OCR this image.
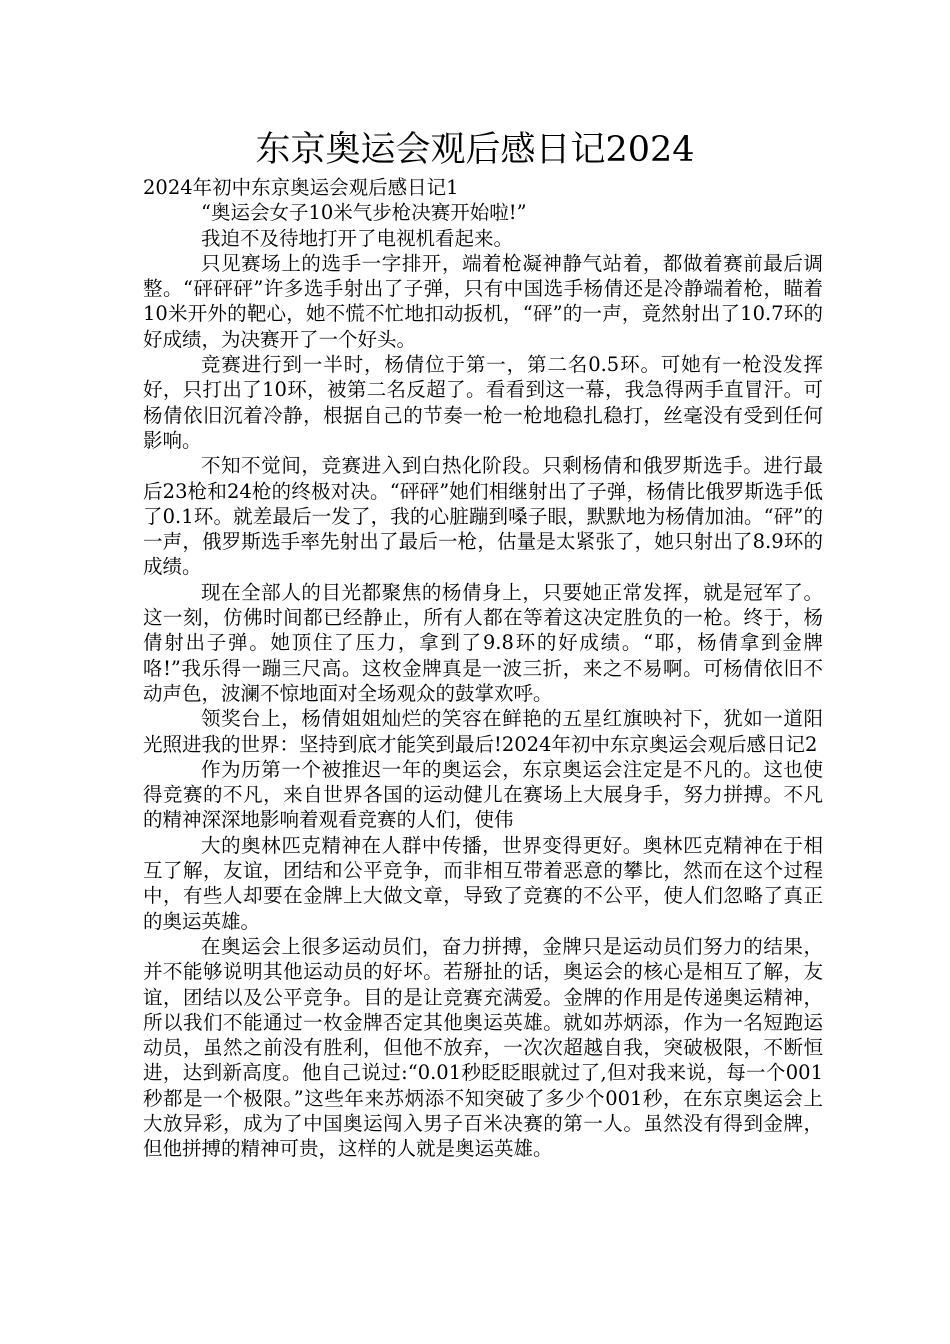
东京奥运会观后感日记2024

2024年初中东京奥运会观后感日记1

“奥运会女子10米气步枪决赛开始啦!”

我迫不及待地打开了电视机看起来。

只见赛场上的选手一字排开，端着枪凝神静气站着，都做着赛前最后调整。“砰砰砰”许多选手射出了子弹，只有中国选手杨倩还是冷静端着枪，瞄着10米开外的靶心，她不慌不忙地扣动扳机，“砰”的一声，竟然射出了10.7环的好成绩，为决赛开了一个好头。

竞赛进行到一半时，杨倩位于第一，第二名0.5环。可她有一枪没发挥好，只打出了10环，被第二名反超了。看看到这一幕，我急得两手直冒汗。可杨倩依旧沉着冷静，根据自己的节奏一枪一枪地稳扎稳打，丝毫没有受到任何影响。

不知不觉间，竞赛进入到白热化阶段。只剩杨倩和俄罗斯选手。进行最后23枪和24枪的终极对决。“砰砰”她们相继射出了子弹，杨倩比俄罗斯选手低了0.1环。就差最后一发了，我的心脏蹦到嗓子眼，默默地为杨倩加油。“砰”的一声，俄罗斯选手率先射出了最后一枪，估量是太紧张了，她只射出了8.9环的成绩。

现在全部人的目光都聚焦的杨倩身上，只要她正常发挥，就是冠军了。这一刻，仿佛时间都已经静止，所有人都在等着这决定胜负的一枪。终于，杨倩射出子弹。她顶住了压力，拿到了9.8环的好成绩。“耶，杨倩拿到金牌咯!”我乐得一蹦三尺高。这枚金牌真是一波三折，来之不易啊。可杨倩依旧不动声色，波澜不惊地面对全场观众的鼓掌欢呼。

领奖台上，杨倩姐姐灿烂的笑容在鲜艳的五星红旗映衬下，犹如一道阳光照进我的世界：坚持到底才能笑到最后!2024年初中东京奥运会观后感日记2

作为历第一个被推迟一年的奥运会，东京奥运会注定是不凡的。这也使得竞赛的不凡，来自世界各国的运动健儿在赛场上大展身手，努力拼搏。不凡的精神深深地影响着观看竞赛的人们，使伟

大的奥林匹克精神在人群中传播，世界变得更好。奥林匹克精神在于相互了解，友谊，团结和公平竞争，而非相互带着恶意的攀比，然而在这个过程中，有些人却要在金牌上大做文章，导致了竞赛的不公平，使人们忽略了真正的奥运英雄。

在奥运会上很多运动员们，奋力拼搏，金牌只是运动员们努力的结果，并不能够说明其他运动员的好坏。若掰扯的话，奥运会的核心是相互了解，友谊，团结以及公平竞争。目的是让竞赛充满爱。金牌的作用是传递奥运精神，所以我们不能通过一枚金牌否定其他奥运英雄。就如苏炳添，作为一名短跑运动员，虽然之前没有胜利，但他不放弃，一次次超越自我，突破极限，不断恒进，达到新高度。他自己说过:“0.01秒眨眨眼就过了,但对我来说，每一个001秒都是一个极限。”这些年来苏炳添不知突破了多少个001秒，在东京奥运会上大放异彩，成为了中国奥运闯入男子百米决赛的第一人。虽然没有得到金牌，但他拼搏的精神可贵，这样的人就是奥运英雄。
